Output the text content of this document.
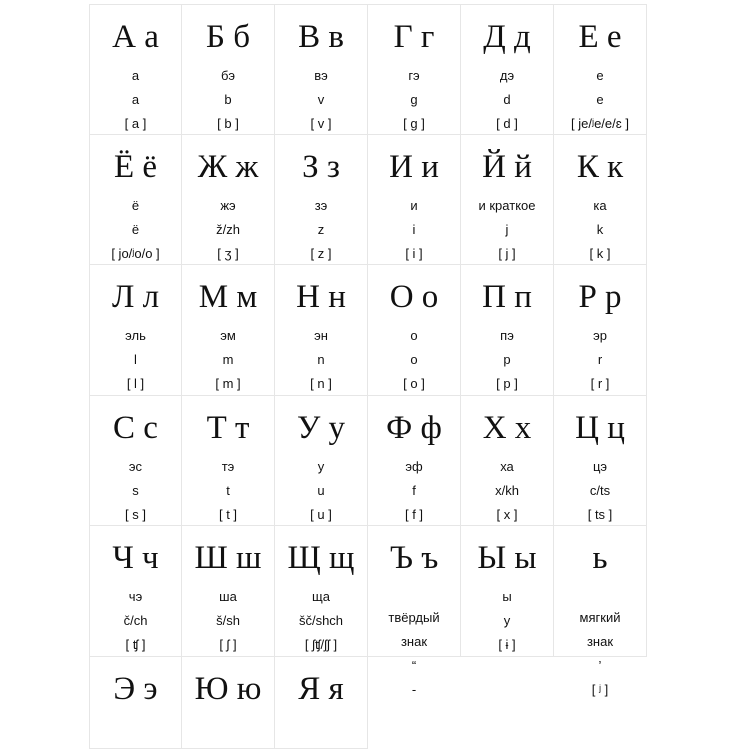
А а
а
a
[ a ]
Б б
бэ
b
[ b ]
В в
вэ
v
[ v ]
Г г
гэ
g
[ g ]
Д д
дэ
d
[ d ]
Е е
е
e
[ je/ʲe/e/ɛ ]
Ё ё
ё
ë
[ jo/ʲo/o ]
Ж ж
жэ
ž/zh
[ ʒ ]
З з
зэ
z
[ z ]
И и
и
i
[ i ]
Й й
и краткое
j
[ j ]
К к
ка
k
[ k ]
Л л
эль
l
[ l ]
М м
эм
m
[ m ]
Н н
эн
n
[ n ]
О о
о
o
[ o ]
П п
пэ
p
[ p ]
Р р
эр
r
[ r ]
С с
эс
s
[ s ]
Т т
тэ
t
[ t ]
У у
у
u
[ u ]
Ф ф
эф
f
[ f ]
Х х
ха
x/kh
[ x ]
Ц ц
цэ
c/ts
[ ts ]
Ч ч
чэ
č/ch
[ ʧ ]
Ш ш
ша
š/sh
[ ʃ ]
Щ щ
ща
šč/shch
[ ʃʧ/ʃʃ ]
Ъ ъ
твёрдый
знак
“
-
Ы ы
ы
y
[ ɨ ]
ь
мягкий
знак
’
[ ʲ ]
Э э	Ю ю	Я я
